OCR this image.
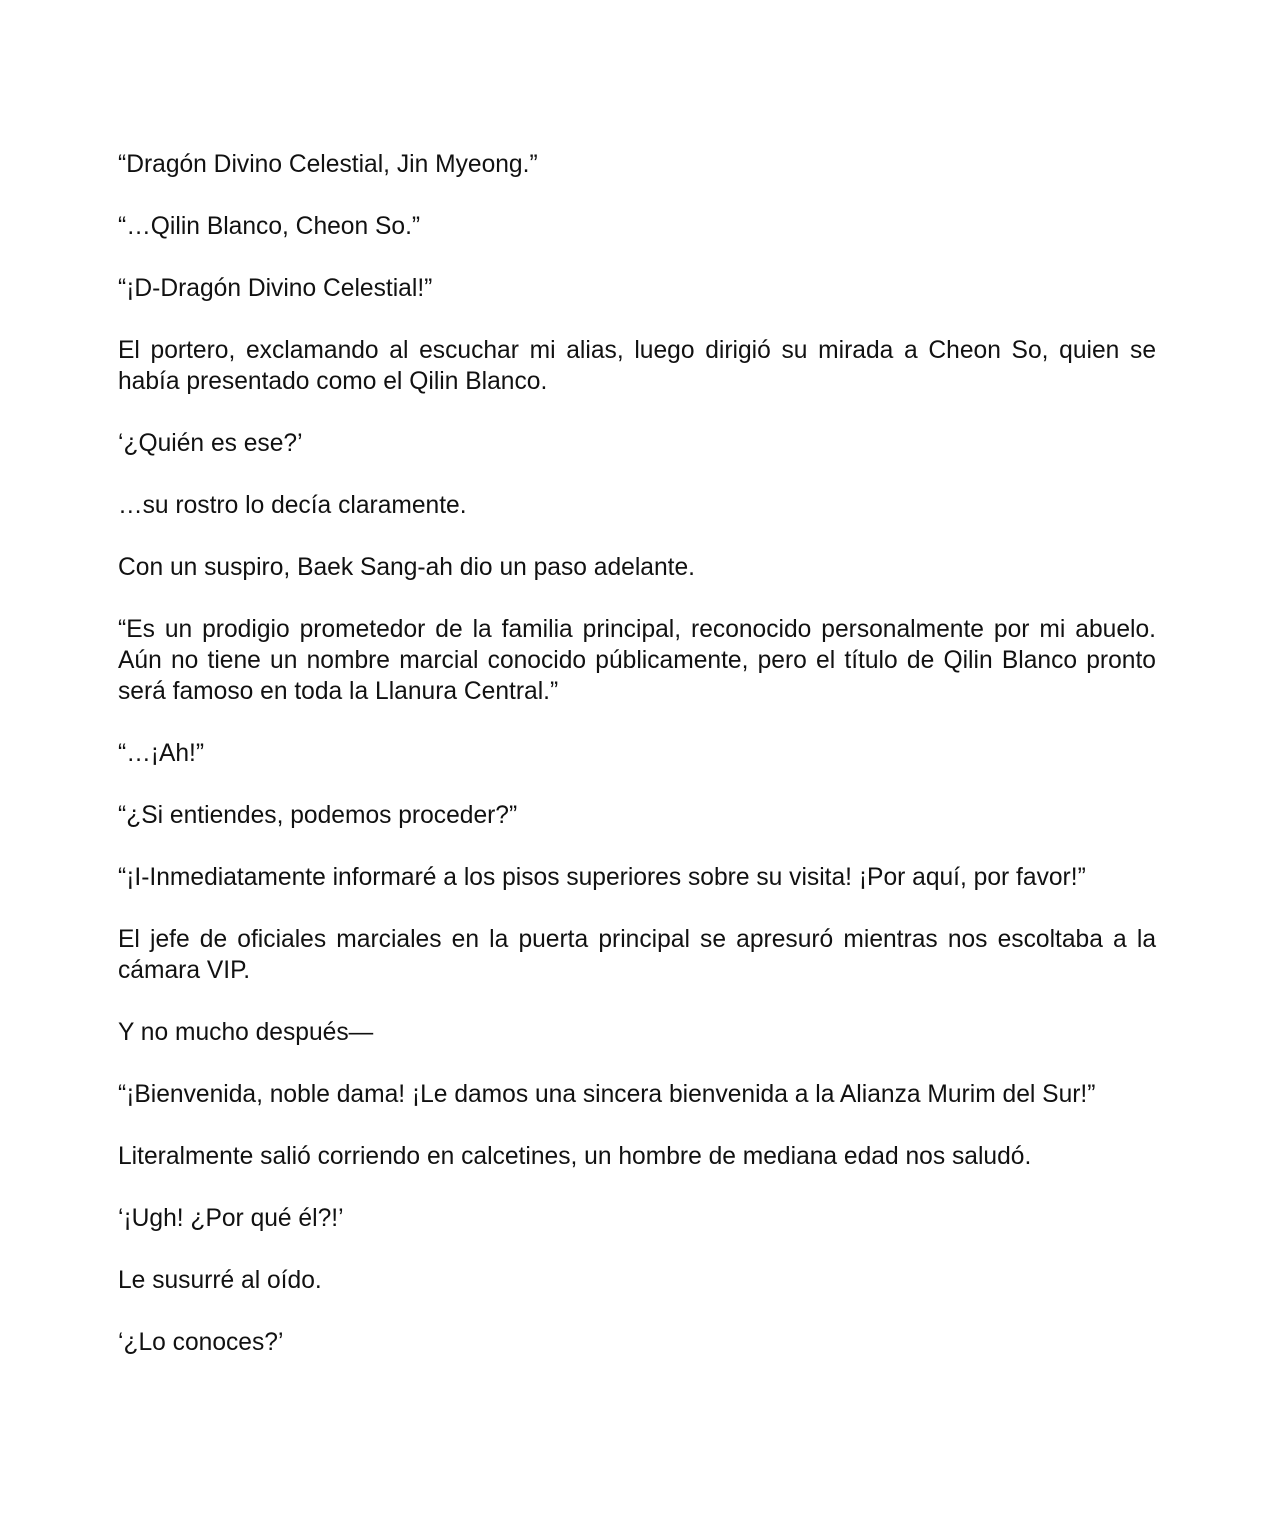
“Dragón Divino Celestial, Jin Myeong.”

“…Qilin Blanco, Cheon So.”

“¡D-Dragón Divino Celestial!”

El portero, exclamando al escuchar mi alias, luego dirigió su mirada a Cheon So, quien se había presentado como el Qilin Blanco.

‘¿Quién es ese?’

…su rostro lo decía claramente.

Con un suspiro, Baek Sang-ah dio un paso adelante.

“Es un prodigio prometedor de la familia principal, reconocido personalmente por mi abuelo. Aún no tiene un nombre marcial conocido públicamente, pero el título de Qilin Blanco pronto será famoso en toda la Llanura Central.”

“…¡Ah!”

“¿Si entiendes, podemos proceder?”

“¡I-Inmediatamente informaré a los pisos superiores sobre su visita! ¡Por aquí, por favor!”

El jefe de oficiales marciales en la puerta principal se apresuró mientras nos escoltaba a la cámara VIP.

Y no mucho después—

“¡Bienvenida, noble dama! ¡Le damos una sincera bienvenida a la Alianza Murim del Sur!”

Literalmente salió corriendo en calcetines, un hombre de mediana edad nos saludó.

‘¡Ugh! ¿Por qué él?!’

Le susurré al oído.

‘¿Lo conoces?’
